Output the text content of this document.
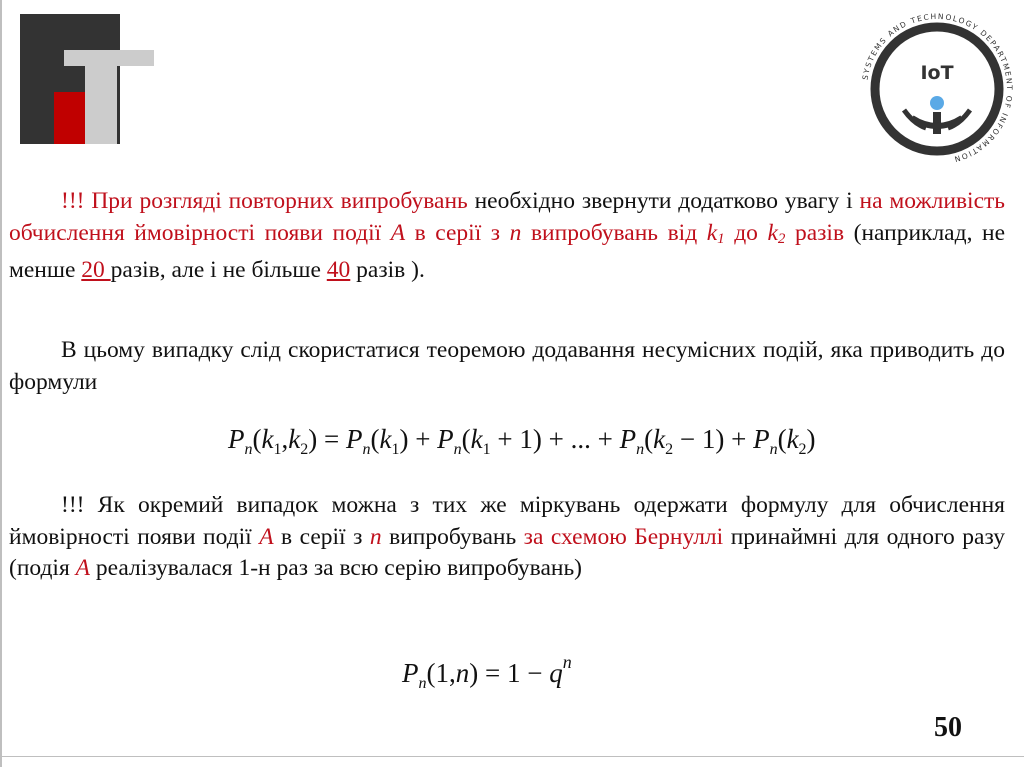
SYSTEMS AND TECHNOLOGY DEPARTMENT OF INFORMATION
IoT
!!! При розгляді повторних випробувань необхідно звернути додатково увагу і на можливість обчислення ймовірності появи події A в серії з n випробувань від $k_1$ до $k_2$ разів (наприклад, не менше 20 разів, але і не більше 40 разів ).
В цьому випадку слід скористатися теоремою додавання несумісних подій, яка приводить до формули
$P_n(k_1,k_2) = P_n(k_1) + P_n(k_1 + 1)$ + ... + $P_n(k_2 - 1) + P_n(k_2)$
!!! Як окремий випадок можна з тих же міркувань одержати формулу для обчислення ймовірності появи події A в серії з n випробувань за схемою Бернуллі принаймні для одного разу (подія A реалізувалася 1-н раз за всю серію випробувань)
$P_n(1,n) = 1 - q^n$
50
